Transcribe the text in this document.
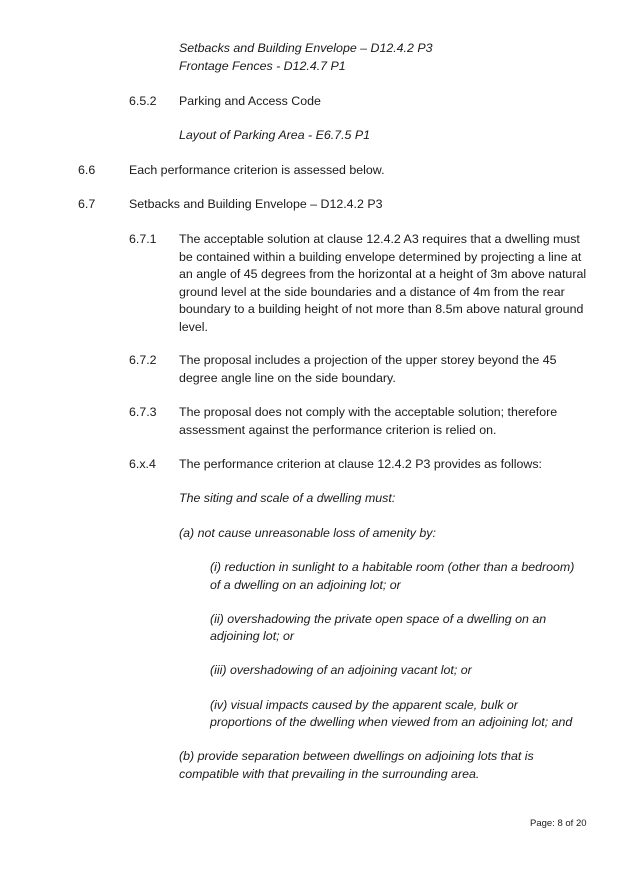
Setbacks and Building Envelope – D12.4.2 P3
Frontage Fences - D12.4.7 P1
6.5.2 Parking and Access Code
Layout of Parking Area - E6.7.5 P1
6.6	Each performance criterion is assessed below.
6.7	Setbacks and Building Envelope – D12.4.2 P3
6.7.1 The acceptable solution at clause 12.4.2 A3 requires that a dwelling must
be contained within a building envelope determined by projecting a line at
an angle of 45 degrees from the horizontal at a height of 3m above natural
ground level at the side boundaries and a distance of 4m from the rear
boundary to a building height of not more than 8.5m above natural ground
level.
6.7.2 The proposal includes a projection of the upper storey beyond the 45
degree angle line on the side boundary.
6.7.3 The proposal does not comply with the acceptable solution; therefore
assessment against the performance criterion is relied on.
6.x.4 The performance criterion at clause 12.4.2 P3 provides as follows:
The siting and scale of a dwelling must:
(a) not cause unreasonable loss of amenity by:
(i) reduction in sunlight to a habitable room (other than a bedroom)
of a dwelling on an adjoining lot; or
(ii) overshadowing the private open space of a dwelling on an
adjoining lot; or
(iii) overshadowing of an adjoining vacant lot; or
(iv) visual impacts caused by the apparent scale, bulk or
proportions of the dwelling when viewed from an adjoining lot; and
(b) provide separation between dwellings on adjoining lots that is
compatible with that prevailing in the surrounding area.
Page: 8 of 20
